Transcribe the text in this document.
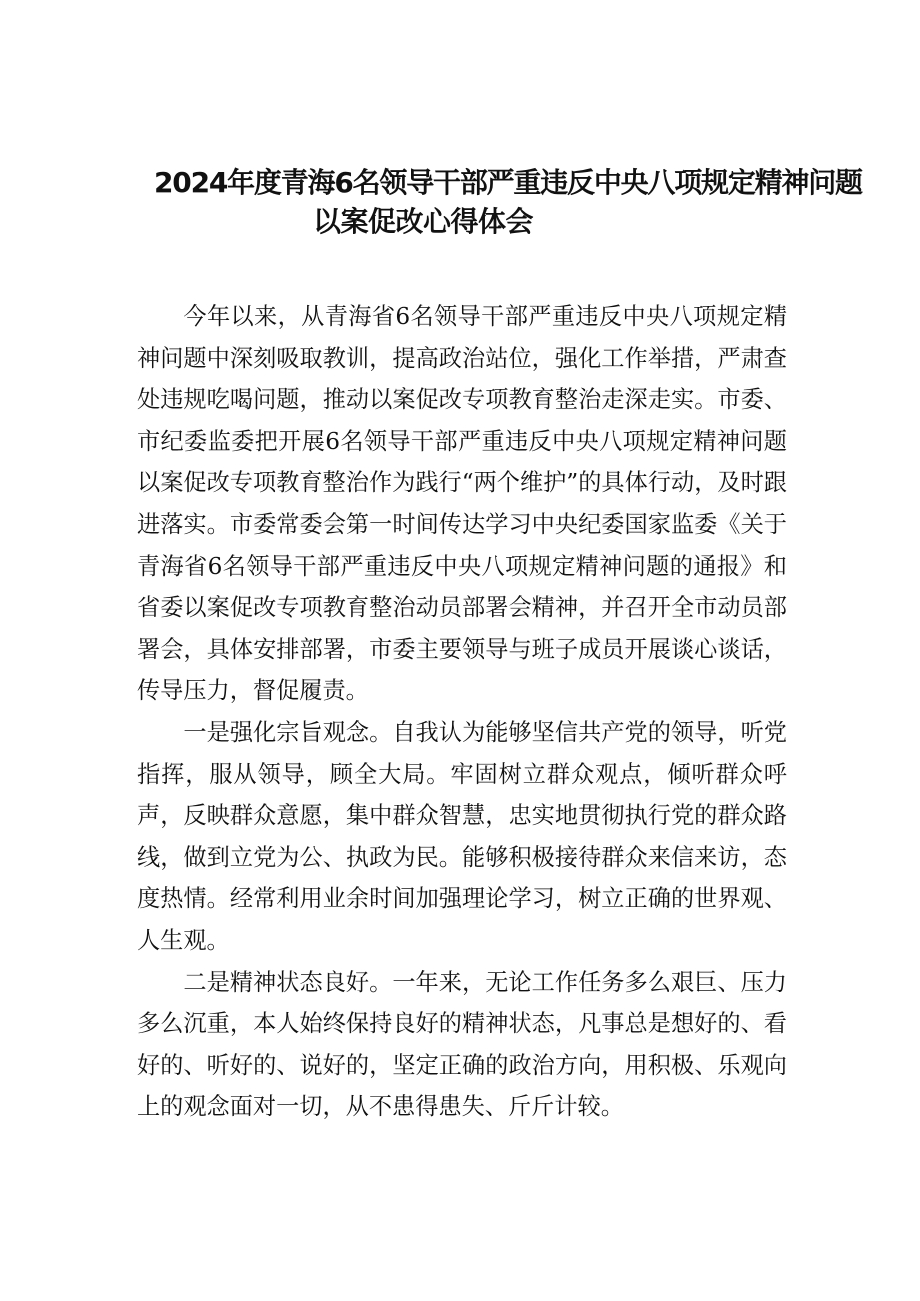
2024年度青海6名领导干部严重违反中央八项规定精神问题
以案促改心得体会

今年以来，从青海省6名领导干部严重违反中央八项规定精神问题中深刻吸取教训，提高政治站位，强化工作举措，严肃查处违规吃喝问题，推动以案促改专项教育整治走深走实。市委、市纪委监委把开展6名领导干部严重违反中央八项规定精神问题以案促改专项教育整治作为践行“两个维护”的具体行动，及时跟进落实。市委常委会第一时间传达学习中央纪委国家监委《关于青海省6名领导干部严重违反中央八项规定精神问题的通报》和省委以案促改专项教育整治动员部署会精神，并召开全市动员部署会，具体安排部署，市委主要领导与班子成员开展谈心谈话，传导压力，督促履责。

一是强化宗旨观念。自我认为能够坚信共产党的领导，听党指挥，服从领导，顾全大局。牢固树立群众观点，倾听群众呼声，反映群众意愿，集中群众智慧，忠实地贯彻执行党的群众路线，做到立党为公、执政为民。能够积极接待群众来信来访，态度热情。经常利用业余时间加强理论学习，树立正确的世界观、人生观。

二是精神状态良好。一年来，无论工作任务多么艰巨、压力多么沉重，本人始终保持良好的精神状态，凡事总是想好的、看好的、听好的、说好的，坚定正确的政治方向，用积极、乐观向上的观念面对一切，从不患得患失、斤斤计较。
